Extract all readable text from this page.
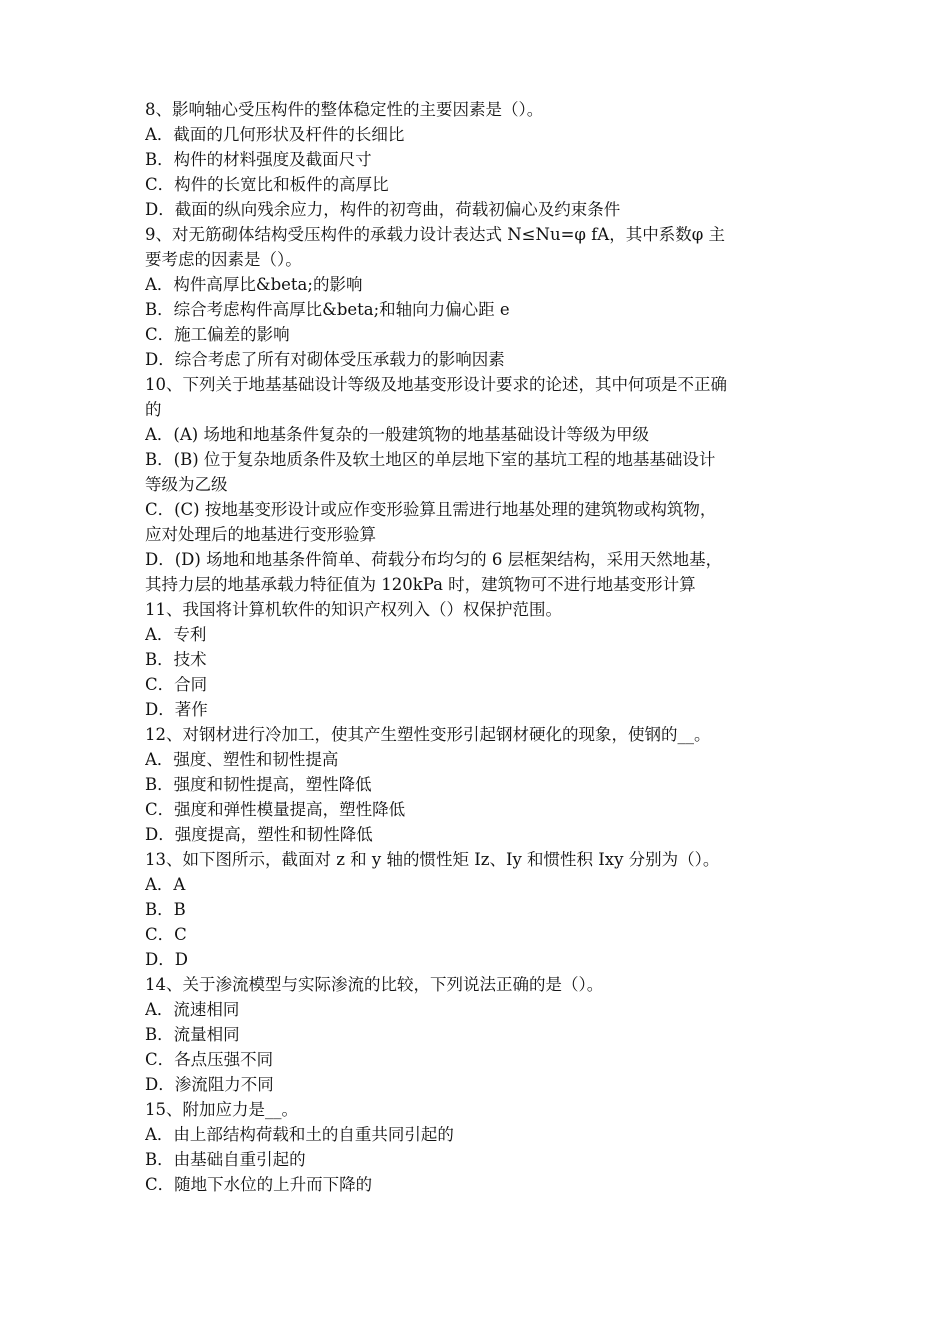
8、影响轴心受压构件的整体稳定性的主要因素是（）。
A．截面的几何形状及杆件的长细比
B．构件的材料强度及截面尺寸
C．构件的长宽比和板件的高厚比
D．截面的纵向残余应力，构件的初弯曲，荷载初偏心及约束条件
9、对无筋砌体结构受压构件的承载力设计表达式 N≤Nu=φ fA，其中系数φ 主
要考虑的因素是（）。
A．构件高厚比&beta;的影响
B．综合考虑构件高厚比&beta;和轴向力偏心距 e
C．施工偏差的影响
D．综合考虑了所有对砌体受压承载力的影响因素
10、下列关于地基基础设计等级及地基变形设计要求的论述，其中何项是不正确
的
A．(A) 场地和地基条件复杂的一般建筑物的地基基础设计等级为甲级
B．(B) 位于复杂地质条件及软土地区的单层地下室的基坑工程的地基基础设计
等级为乙级
C．(C) 按地基变形设计或应作变形验算且需进行地基处理的建筑物或构筑物，
应对处理后的地基进行变形验算
D．(D) 场地和地基条件简单、荷载分布均匀的 6 层框架结构，采用天然地基，
其持力层的地基承载力特征值为 120kPa 时，建筑物可不进行地基变形计算
11、我国将计算机软件的知识产权列入（）权保护范围。
A．专利
B．技术
C．合同
D．著作
12、对钢材进行冷加工，使其产生塑性变形引起钢材硬化的现象，使钢的__。
A．强度、塑性和韧性提高
B．强度和韧性提高，塑性降低
C．强度和弹性模量提高，塑性降低
D．强度提高，塑性和韧性降低
13、如下图所示，截面对 z 和 y 轴的惯性矩 Iz、Iy 和惯性积 Ixy 分别为（）。
A．A
B．B
C．C
D．D
14、关于渗流模型与实际渗流的比较，下列说法正确的是（）。
A．流速相同
B．流量相同
C．各点压强不同
D．渗流阻力不同
15、附加应力是__。
A．由上部结构荷载和土的自重共同引起的
B．由基础自重引起的
C．随地下水位的上升而下降的
